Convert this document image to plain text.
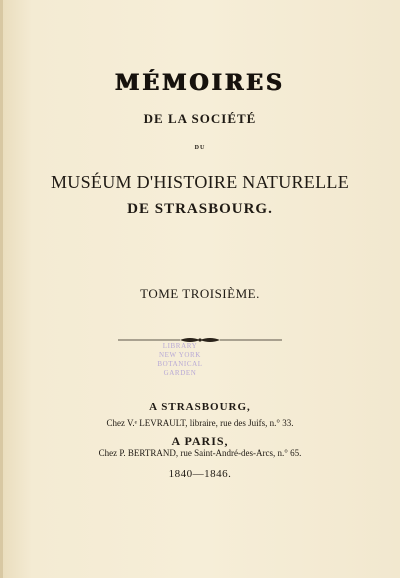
MÉMOIRES
DE LA SOCIÉTÉ
DU
MUSÉUM D'HISTOIRE NATURELLE
DE STRASBOURG.
TOME TROISIÈME.
LIBRARY
NEW YORK
BOTANICAL
GARDEN
A STRASBOURG,
Chez V.ᵉ LEVRAULT, libraire, rue des Juifs, n.° 33.
A PARIS,
Chez P. BERTRAND, rue Saint-André-des-Arcs, n.° 65.
1840—1846.
